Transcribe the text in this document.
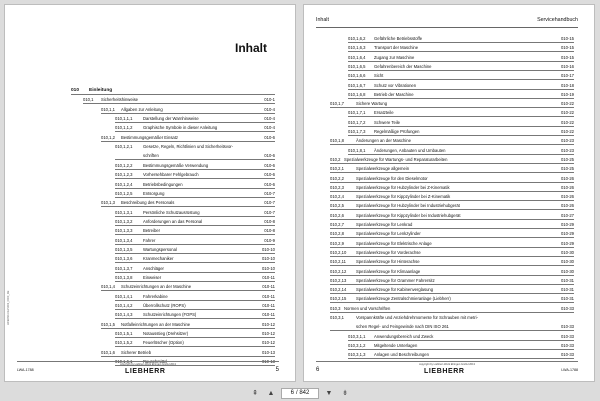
Inhalt
010 Einleitung
010,1 Sicherheitshinweise	010-1
010,1,1 Allgaben zur Anleitung	010-4
010,1,1,1	Darstellung der Warnhinweise	010-4
010,1,1,2	Graphische Symbole in dieser Anleitung	010-4
010,1,2 Bestimmungsgemäßer Einsatz	010-6
010,1,2,1	Gesetze, Regeln, Richtlinien und Sicherheitsvor-
schriften	010-6
010,1,2,2	Bestimmungsgemäße Verwendung	010-6
010,1,2,3	Vorhersehbarer Fehlgebrauch	010-6
010,1,2,4	Betriebsbedingungen	010-6
010,1,2,5	Entsorgung	010-7
010,1,3 Beschreibung des Personals	010-7
010,1,3,1	Persönliche Schutzausrüstung	010-7
010,1,3,2	Anforderungen an das Personal	010-8
010,1,3,3	Betreiber	010-8
010,1,3,4	Fahrer	010-9
010,1,3,5	Wartungspersonal	010-10
010,1,3,6	Kranmechaniker	010-10
010,1,3,7	Anschläger	010-10
010,1,3,8	Einweiser	010-11
010,1,4 Schutzeinrichtungen an der Maschine	010-11
010,1,4,1	Fahrerkabine	010-11
010,1,4,2	Überrollschutz (ROPS)	010-11
010,1,4,3	Schutzeinrichtungen (FOPS)	010-11
010,1,5 Notfalleinrichtungen an der Maschine	010-12
010,1,5,1	Notausstieg (Drehsitzer)	010-12
010,1,5,2	Feuerlöscher (Option)	010-12
010,1,6 Sicherer Betrieb	010-13
010,1,6,1	Rauschmittel	010-13
LWE/090-012/1003_0000_DE
copyright by Liebherr-Werk Ehingen GmbH 2013
LWA-1788	LIEBHERR	5
Inhalt	Servicehandbuch
010,1,6,2 Gefährliche Betriebsstoffe	010-15
010,1,6,3 Transport der Maschine	010-15
010,1,6,4 Zugang zur Maschine	010-15
010,1,6,5 Gefahrenbereich der Maschine	010-16
010,1,6,6 Sicht	010-17
010,1,6,7 Schutz vor Vibrationen	010-18
010,1,6,8 Betrieb der Maschine	010-19
010,1,7	Sichere Wartung	010-22
010,1,7,1 Ersatzteile	010-22
010,1,7,2 Schwere Teile	010-22
010,1,7,3 Regelmäßige Prüfungen	010-22
010,1,8	Änderungen an der Maschine	010-23
010,1,8,1 Änderungen, Anbauten und Umbauten	010-23
010,2 Spezialwerkzeuge für Wartungs- und Reparaturarbeiten	010-25
010,2,1	Spezialwerkzeuge allgemein	010-25
010,2,2	Spezialwerkzeuge für den Dieselmotor	010-26
010,2,3	Spezialwerkzeuge für Hubzylinder bei Z-Kinematik	010-26
010,2,4	Spezialwerkzeuge für Kippzylinder bei Z-Kinematik	010-26
010,2,5	Spezialwerkzeuge für Hubzylinder bei Industriehubgerät	010-26
010,2,6	Spezialwerkzeuge für Kippzylinder bei Industriehubgerät	010-27
010,2,7	Spezialwerkzeuge für Lenkrad	010-29
010,2,8	Spezialwerkzeuge für Lenkzylinder	010-29
010,2,9	Spezialwerkzeuge für Elektrische Anlage	010-29
010,2,10 Spezialwerkzeuge für Vorderachse	010-30
010,2,11 Spezialwerkzeuge für Hinterachse	010-30
010,2,12 Spezialwerkzeuge für Klimaanlage	010-30
010,2,13 Spezialwerkzeuge für Grammer Fahrersitz	010-31
010,2,14 Spezialwerkzeuge für Kabinenverglasung	010-31
010,2,15 Spezialwerkzeuge Zentralschmieranlage (Liebherr)	010-31
010,3 Normen und Vorschriften	010-33
010,3,1	Vorspannkräfte und Anziehdrehmomente für Schrauben mit metri-
schen Regel- und Feingewinde nach DIN ISO 261	010-33
010,3,1,1 Anwendungsbereich und Zweck	010-33
010,3,1,2 Mitgeltende Unterlagen	010-33
010,3,1,3 Anlagen und Beschreibungen	010-33
copyright by Liebherr-Werk Ehingen GmbH 2013
6	LIEBHERR	LWA-1788
⇞	▲	6 / 842	▼	⇟
